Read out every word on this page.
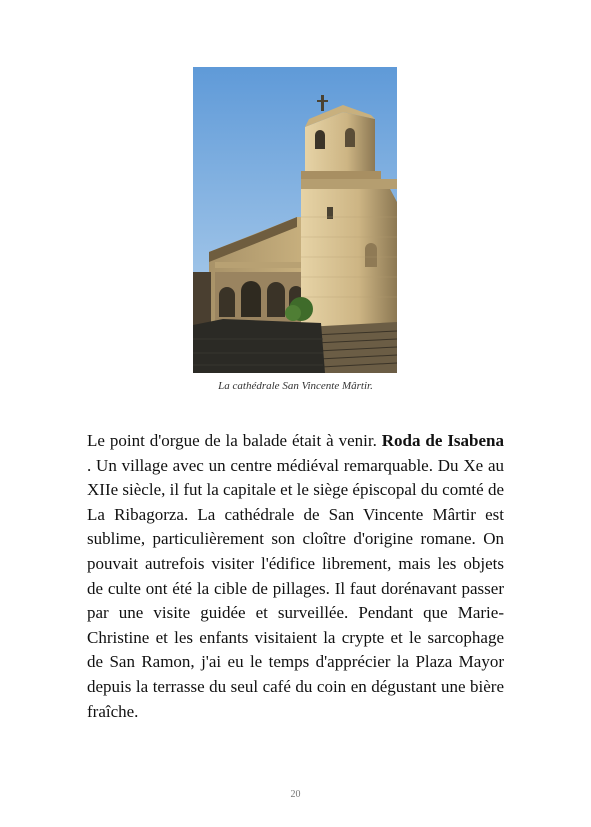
La cathédrale San Vincente Mârtir.

Le point d'orgue de la balade était à venir. Roda de Isabena . Un village avec un centre médiéval remarquable. Du Xe au XIIe siècle, il fut la capitale et le siège épiscopal du comté de La Ribagorza. La cathédrale de San Vincente Mârtir est sublime, particulièrement son cloître d'origine romane. On pouvait autrefois visiter l'édifice librement, mais les objets de culte ont été la cible de pillages. Il faut dorénavant passer par une visite guidée et surveillée. Pendant que Marie-Christine et les enfants visitaient la crypte et le sarcophage de San Ramon, j'ai eu le temps d'apprécier la Plaza Mayor depuis la terrasse du seul café du coin en dégustant une bière fraîche.

20
